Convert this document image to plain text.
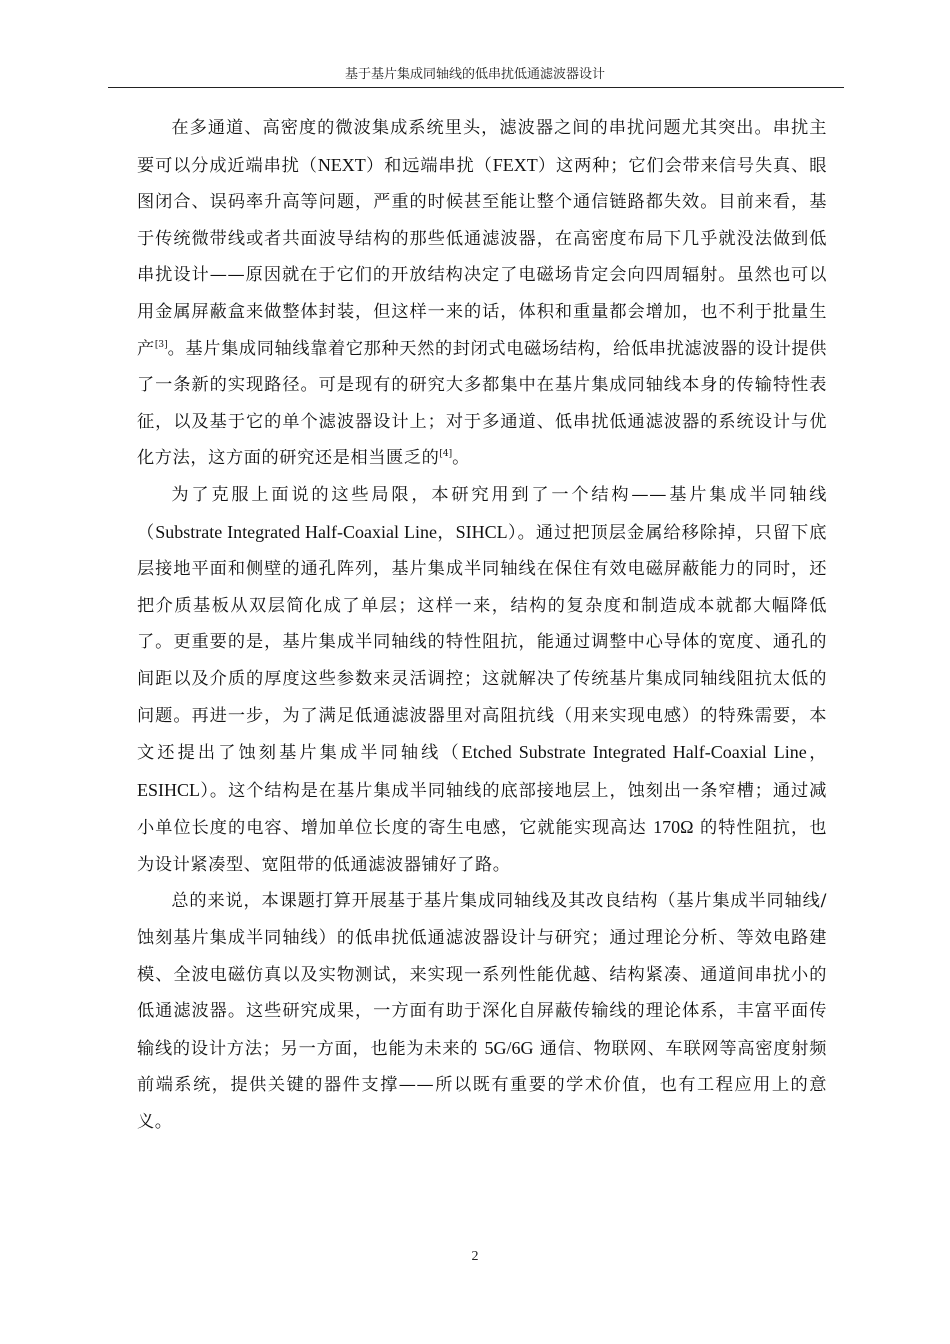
基于基片集成同轴线的低串扰低通滤波器设计

在多通道、高密度的微波集成系统里头，滤波器之间的串扰问题尤其突出。串扰主要可以分成近端串扰（NEXT）和远端串扰（FEXT）这两种；它们会带来信号失真、眼图闭合、误码率升高等问题，严重的时候甚至能让整个通信链路都失效。目前来看，基于传统微带线或者共面波导结构的那些低通滤波器，在高密度布局下几乎就没法做到低串扰设计——原因就在于它们的开放结构决定了电磁场肯定会向四周辐射。虽然也可以用金属屏蔽盒来做整体封装，但这样一来的话，体积和重量都会增加，也不利于批量生产[3]。基片集成同轴线靠着它那种天然的封闭式电磁场结构，给低串扰滤波器的设计提供了一条新的实现路径。可是现有的研究大多都集中在基片集成同轴线本身的传输特性表征，以及基于它的单个滤波器设计上；对于多通道、低串扰低通滤波器的系统设计与优化方法，这方面的研究还是相当匮乏的[4]。

为了克服上面说的这些局限，本研究用到了一个结构——基片集成半同轴线（Substrate Integrated Half-Coaxial Line，SIHCL）。通过把顶层金属给移除掉，只留下底层接地平面和侧壁的通孔阵列，基片集成半同轴线在保住有效电磁屏蔽能力的同时，还把介质基板从双层简化成了单层；这样一来，结构的复杂度和制造成本就都大幅降低了。更重要的是，基片集成半同轴线的特性阻抗，能通过调整中心导体的宽度、通孔的间距以及介质的厚度这些参数来灵活调控；这就解决了传统基片集成同轴线阻抗太低的问题。再进一步，为了满足低通滤波器里对高阻抗线（用来实现电感）的特殊需要，本文还提出了蚀刻基片集成半同轴线（Etched Substrate Integrated Half-Coaxial Line，ESIHCL）。这个结构是在基片集成半同轴线的底部接地层上，蚀刻出一条窄槽；通过减小单位长度的电容、增加单位长度的寄生电感，它就能实现高达 170Ω 的特性阻抗，也为设计紧凑型、宽阻带的低通滤波器铺好了路。

总的来说，本课题打算开展基于基片集成同轴线及其改良结构（基片集成半同轴线/蚀刻基片集成半同轴线）的低串扰低通滤波器设计与研究；通过理论分析、等效电路建模、全波电磁仿真以及实物测试，来实现一系列性能优越、结构紧凑、通道间串扰小的低通滤波器。这些研究成果，一方面有助于深化自屏蔽传输线的理论体系，丰富平面传输线的设计方法；另一方面，也能为未来的 5G/6G 通信、物联网、车联网等高密度射频前端系统，提供关键的器件支撑——所以既有重要的学术价值，也有工程应用上的意义。

2
